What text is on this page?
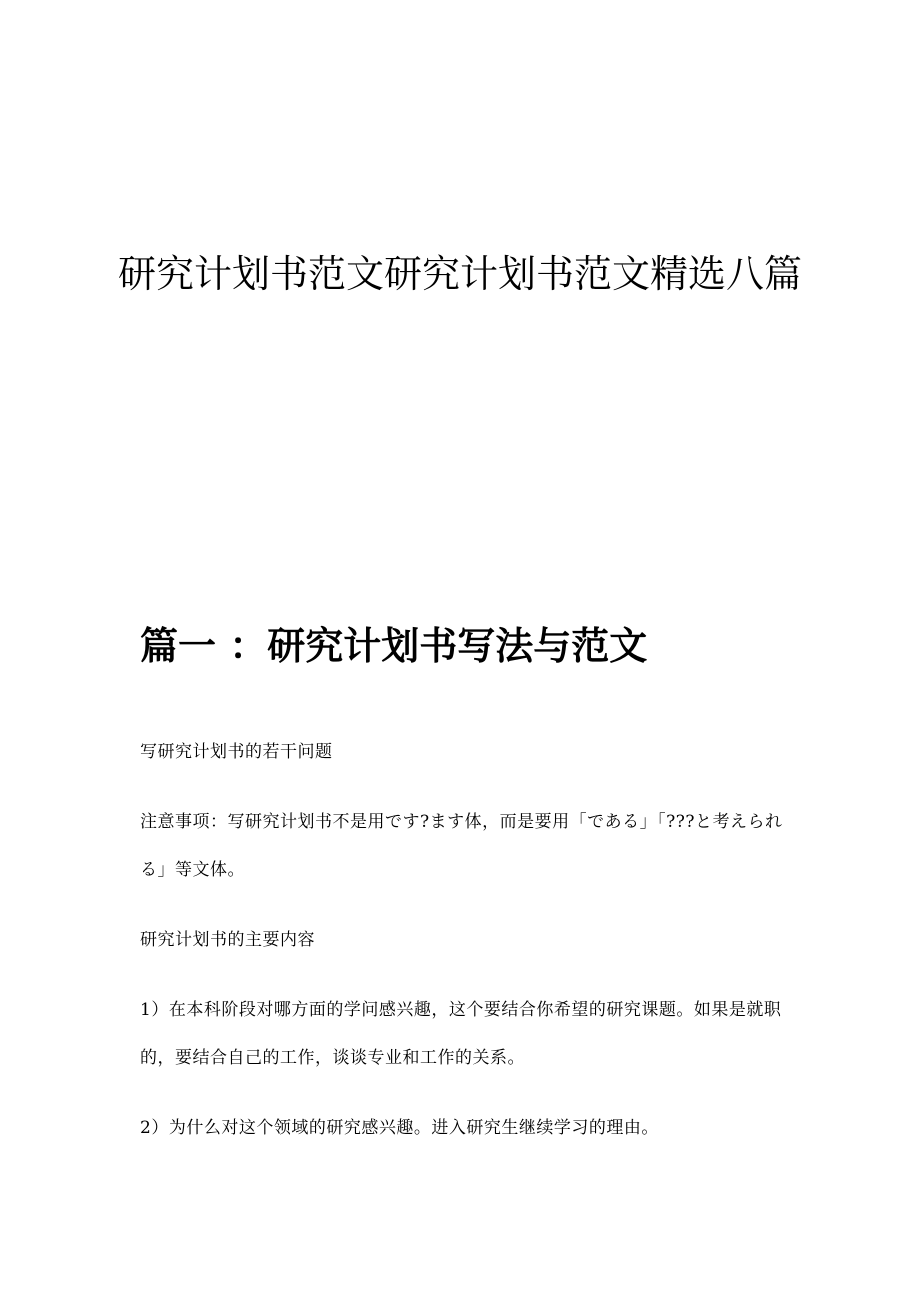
研究计划书范文研究计划书范文精选八篇
篇一 ：研究计划书写法与范文

写研究计划书的若干问题

注意事项：写研究计划书不是用です?ます体，而是要用「である」「???と考えられる」等文体。

研究计划书的主要内容

1）在本科阶段对哪方面的学问感兴趣，这个要结合你希望的研究课题。如果是就职的，要结合自己的工作，谈谈专业和工作的关系。

2）为什么对这个领域的研究感兴趣。进入研究生继续学习的理由。
